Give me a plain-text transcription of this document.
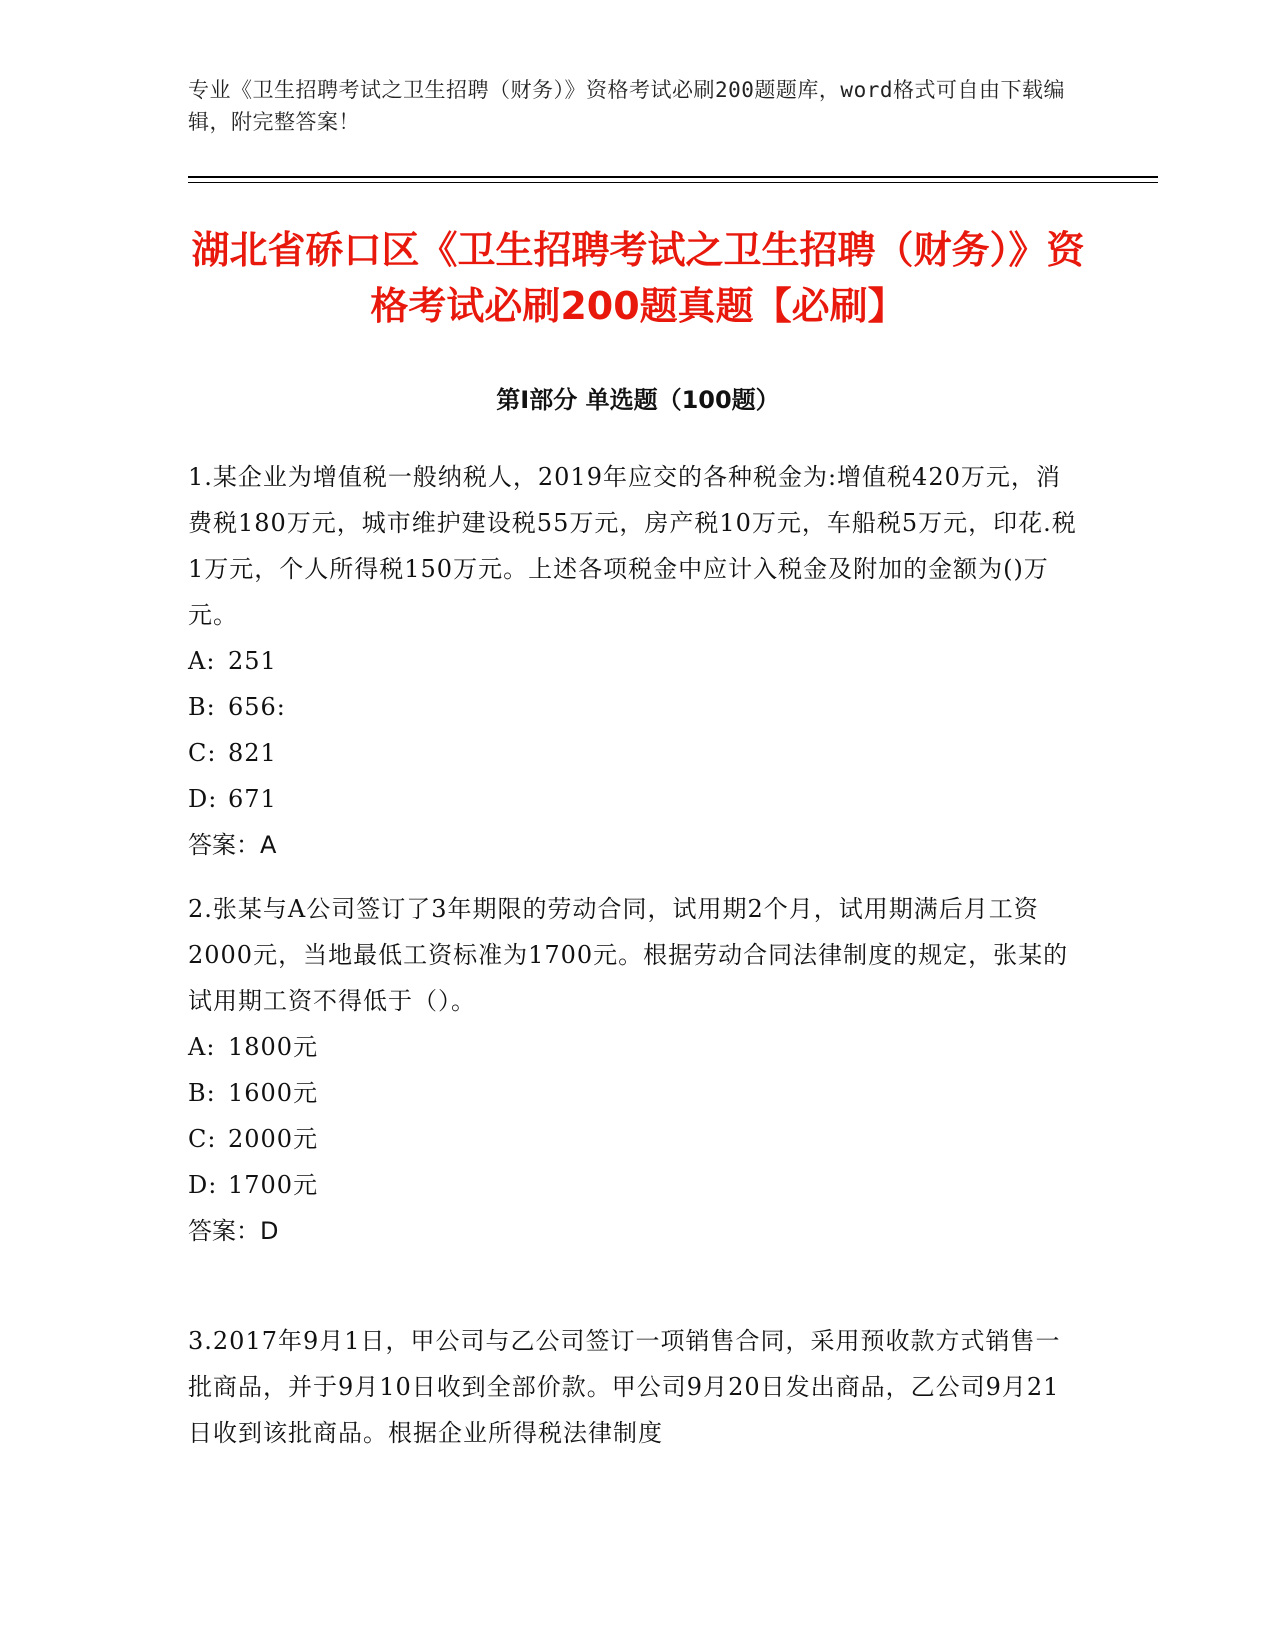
专业《卫生招聘考试之卫生招聘（财务）》资格考试必刷200题题库，word格式可自由下载编辑，附完整答案！
湖北省硚口区《卫生招聘考试之卫生招聘（财务）》资格考试必刷200题真题【必刷】
第Ⅰ部分 单选题（100题）

1.某企业为增值税一般纳税人，2019年应交的各种税金为:增值税420万元，消费税180万元，城市维护建设税55万元，房产税10万元，车船税5万元，印花.税1万元，个人所得税150万元。上述各项税金中应计入税金及附加的金额为()万元。

A: 251

B: 656:

C: 821

D: 671

答案：A

2.张某与A公司签订了3年期限的劳动合同，试用期2个月，试用期满后月工资2000元，当地最低工资标准为1700元。根据劳动合同法律制度的规定，张某的试用期工资不得低于（）。

A: 1800元

B: 1600元

C: 2000元

D: 1700元

答案：D

3.2017年9月1日，甲公司与乙公司签订一项销售合同，采用预收款方式销售一批商品，并于9月10日收到全部价款。甲公司9月20日发出商品，乙公司9月21日收到该批商品。根据企业所得税法律制度
